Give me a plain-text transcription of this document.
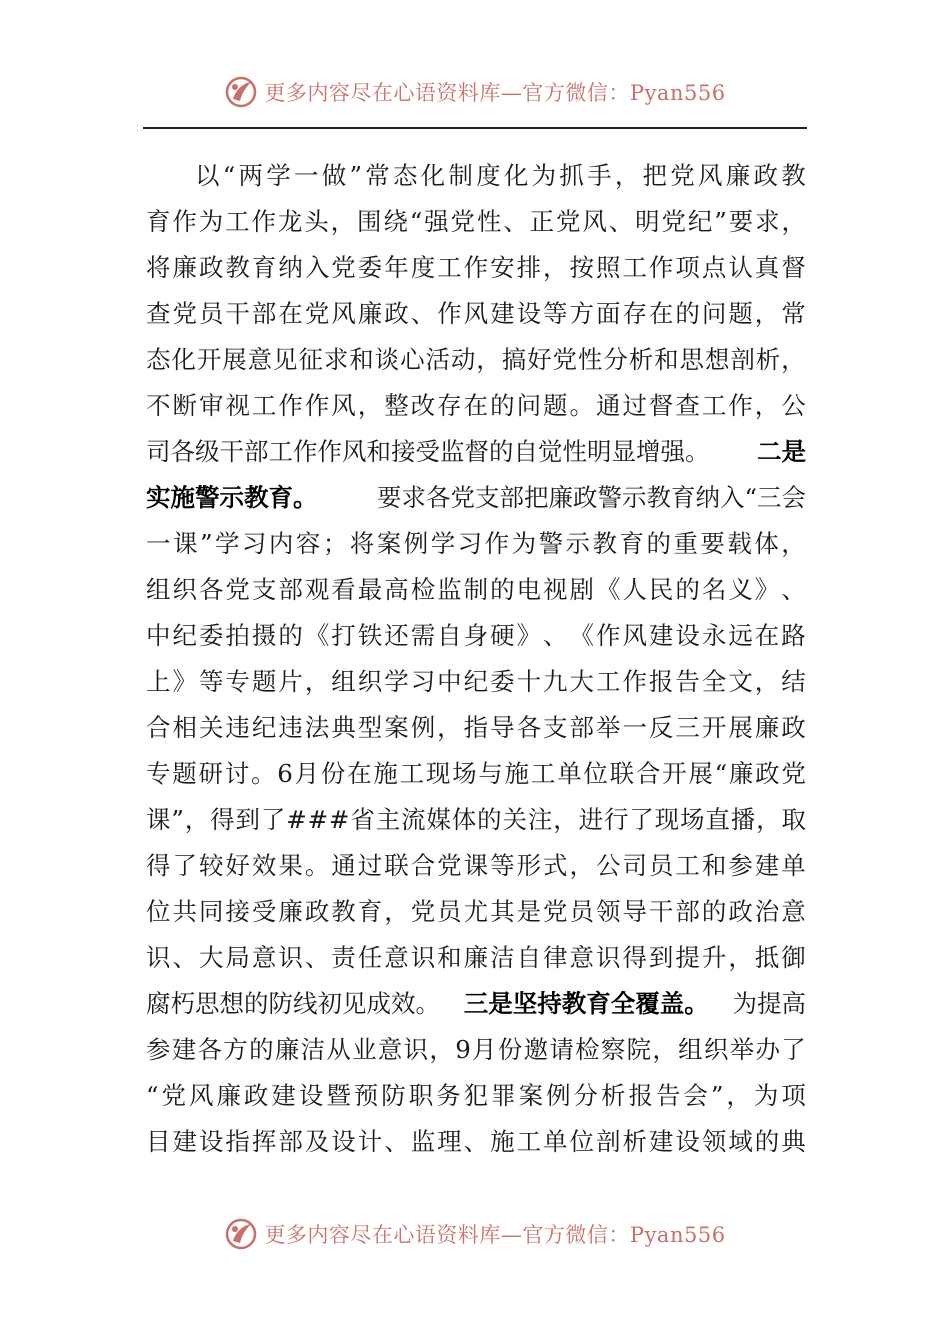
更多内容尽在心语资料库—官方微信：Pyan556
以 “ 两 学 一 做 ” 常 态 化 制 度 化 为 抓 手 ， 把 党 风 廉 政 教
育 作 为 工 作 龙 头 ， 围 绕 “ 强 党 性 、 正 党 风 、 明 党 纪 ” 要 求 ，
将 廉 政 教 育 纳 入 党 委 年 度 工 作 安 排 ， 按 照 工 作 项 点 认 真 督
查 党 员 干 部 在 党 风 廉 政 、 作 风 建 设 等 方 面 存 在 的 问 题 ， 常
态 化 开 展 意 见 征 求 和 谈 心 活 动 ， 搞 好 党 性 分 析 和 思 想 剖 析 ，
不 断 审 视 工 作 作 风 ， 整 改 存 在 的 问 题 。 通 过 督 查 工 作 ， 公
司各级干部工作作风和接受监督的自觉性明显增强。 二是
实施警示教育。 要求各党支部把廉政警示教育纳入“三会
一 课 ” 学 习 内 容 ； 将 案 例 学 习 作 为 警 示 教 育 的 重 要 载 体 ，
组 织 各 党 支 部 观 看 最 高 检 监 制 的 电 视 剧 《 人 民 的 名 义 》 、
中 纪 委 拍 摄 的 《 打 铁 还 需 自 身 硬 》 、 《 作 风 建 设 永 远 在 路
上 》 等 专 题 片 ， 组 织 学 习 中 纪 委 十 九 大 工 作 报 告 全 文 ， 结
合 相 关 违 纪 违 法 典 型 案 例 ， 指 导 各 支 部 举 一 反 三 开 展 廉 政
专 题 研 讨 。 6 月 份 在 施 工 现 场 与 施 工 单 位 联 合 开 展 “ 廉 政 党
课 ” ， 得 到 了 # # # 省 主 流 媒 体 的 关 注 ， 进 行 了 现 场 直 播 ， 取
得 了 较 好 效 果 。 通 过 联 合 党 课 等 形 式 ， 公 司 员 工 和 参 建 单
位 共 同 接 受 廉 政 教 育 ， 党 员 尤 其 是 党 员 领 导 干 部 的 政 治 意
识 、 大 局 意 识 、 责 任 意 识 和 廉 洁 自 律 意 识 得 到 提 升 ， 抵 御
腐朽思想的防线初见成效。 三是坚持教育全覆盖。 为提高
参 建 各 方 的 廉 洁 从 业 意 识 ， 9 月 份 邀 请 检 察 院 ， 组 织 举 办 了
“ 党 风 廉 政 建 设 暨 预 防 职 务 犯 罪 案 例 分 析 报 告 会 ” ， 为 项
目 建 设 指 挥 部 及 设 计 、 监 理 、 施 工 单 位 剖 析 建 设 领 域 的 典
更多内容尽在心语资料库—官方微信：Pyan556
